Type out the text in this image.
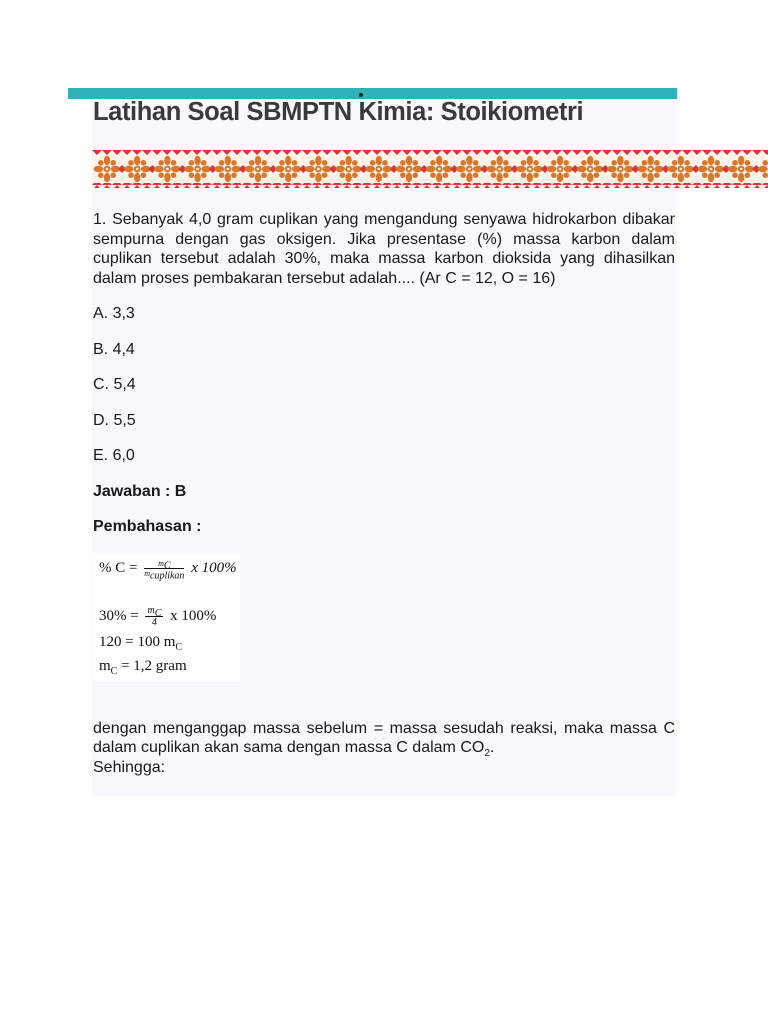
Latihan Soal SBMPTN Kimia: Stoikiometri

1. Sebanyak 4,0 gram cuplikan yang mengandung senyawa hidrokarbon dibakar sempurna dengan gas oksigen. Jika presentase (%) massa karbon dalam cuplikan tersebut adalah 30%, maka massa karbon dioksida yang dihasilkan dalam proses pembakaran tersebut adalah.... (Ar C = 12, O = 16)

A. 3,3

B. 4,4

C. 5,4

D. 5,5

E. 6,0

Jawaban : B

Pembahasan :

% $C = \frac{m_C}{m_{cuplikan}}$ x 100%
$30\% = \frac{m_C}{4}$ x 100%
120 = 100 $m_C$
$m_C = 1,2$ gram

dengan menganggap massa sebelum = massa sesudah reaksi, maka massa C dalam cuplikan akan sama dengan massa C dalam $CO_2$.

Sehingga:
